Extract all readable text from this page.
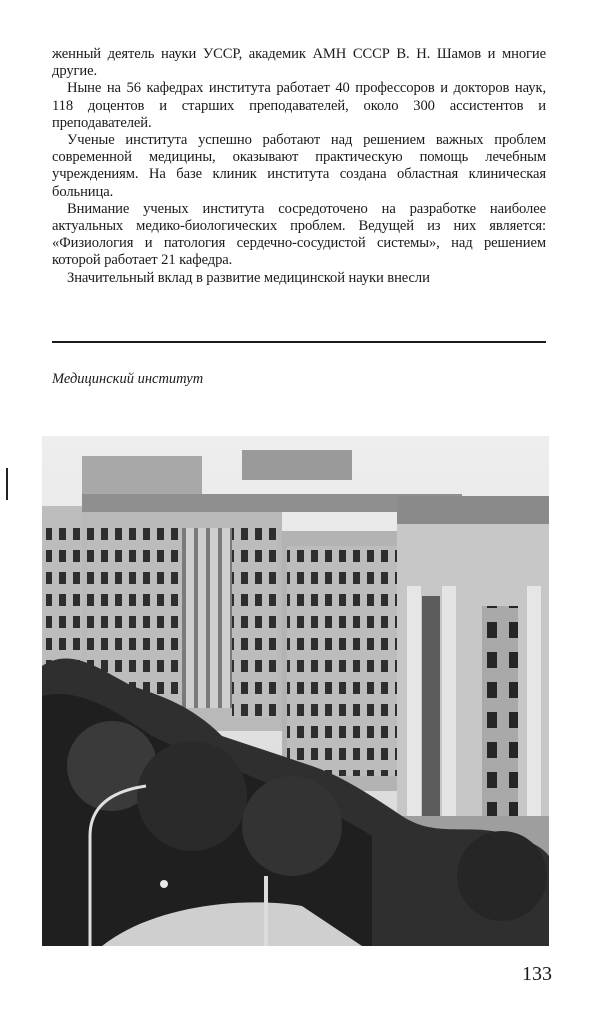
женный деятель науки УССР, академик АМН СССР В. Н. Шамов и многие другие.

Ныне на 56 кафедрах института работает 40 профессоров и докторов наук, 118 доцентов и старших преподавателей, около 300 ассистентов и преподавателей.

Ученые института успешно работают над решением важных проблем современной медицины, оказывают практическую помощь лечебным учреждениям. На базе клиник института создана областная клиническая больница.

Внимание ученых института сосредоточено на разработке наиболее актуальных медико-биологических проблем. Ведущей из них является: «Физиология и патология сердечно-сосудистой системы», над решением которой работает 21 кафедра.

Значительный вклад в развитие медицинской науки внесли

Медицинский институт
133
